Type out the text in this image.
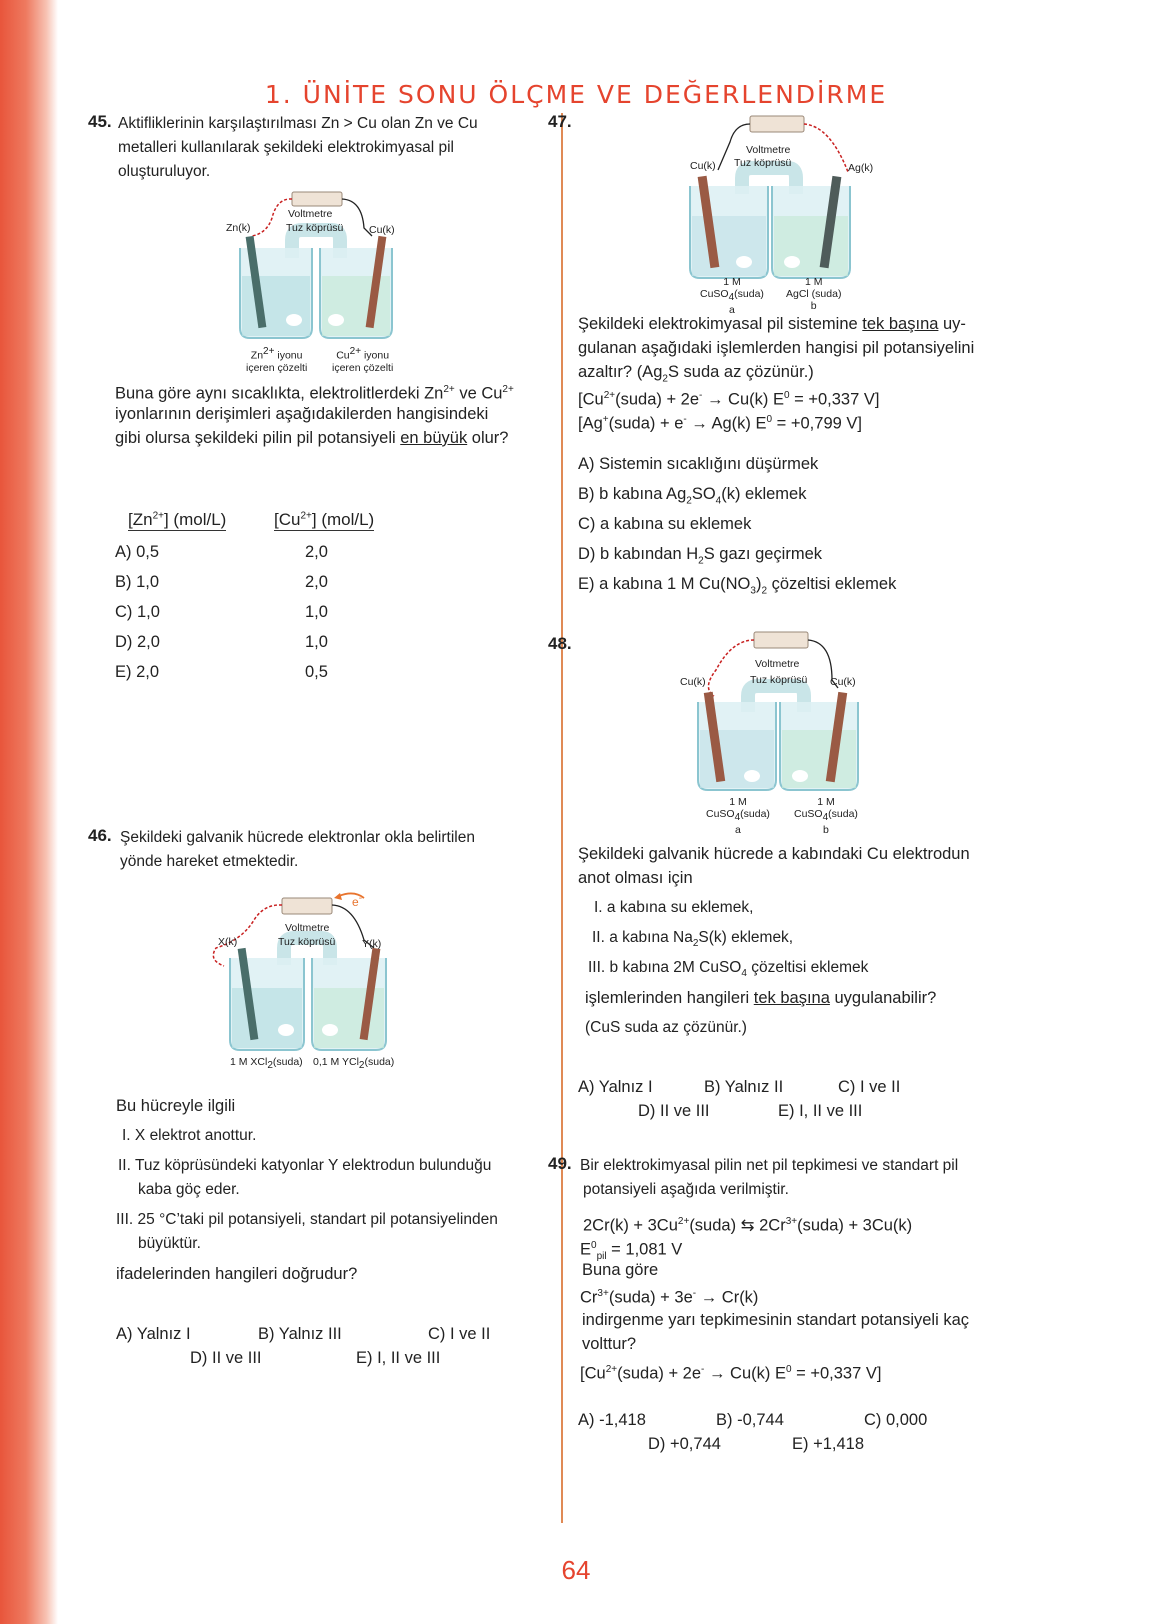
1. ÜNİTE SONU ÖLÇME VE DEĞERLENDİRME
45. Aktifliklerinin karşılaştırılması Zn > Cu olan Zn ve Cu
metalleri kullanılarak şekildeki elektrokimyasal pil
oluşturuluyor.
Voltmetre
Tuz köprüsü
Zn(k)	Cu(k)
$Zn^{2+}$ iyonu
içeren çözelti
$Cu^{2+}$ iyonu
içeren çözelti
Buna göre aynı sıcaklıkta, elektrolitlerdeki $Zn^{2+}$ ve $Cu^{2+}$
iyonlarının derişimleri aşağıdakilerden hangisindeki
gibi olursa şekildeki pilin pil potansiyeli en büyük olur?
$[Zn^{2+}]$ (mol/L)	$[Cu^{2+}]$ (mol/L)
A) 0,5	2,0
B) 1,0	2,0
C) 1,0	1,0
D) 2,0	1,0
E) 2,0	0,5
46. Şekildeki galvanik hücrede elektronlar okla belirtilen
yönde hareket etmektedir.
Voltmetre
Tuz köprüsü
X(k)	Y(k)
e-
1 M XCl$_2$(suda) 0,1 M YCl$_2$(suda)
Bu hücreyle ilgili
I. X elektrot anottur.
II. Tuz köprüsündeki katyonlar Y elektrodun bulunduğu
kaba göç eder.
III. 25 °C’taki pil potansiyeli, standart pil potansiyelinden
büyüktür.
ifadelerinden hangileri doğrudur?
A) Yalnız I	B) Yalnız III	C) I ve II
D) II ve III	E) I, II ve III
47.
Voltmetre
Tuz köprüsü
Cu(k)	Ag(k)
1 M
CuSO$_4$(suda)
a
1 M
AgCl (suda)
b
Şekildeki elektrokimyasal pil sistemine tek başına uy-
gulanan aşağıdaki işlemlerden hangisi pil potansiyelini
azaltır? ($Ag_2S$ suda az çözünür.)
[$Cu^{2+}(suda) + 2e^- \to Cu(k) E^0 = +0,337$ V]
[Ag+(suda) + e- → Ag(k) $E^0 = +0,799$ V]
A) Sistemin sıcaklığını düşürmek
B) b kabına $Ag_2SO_4(k)$ eklemek
C) a kabına su eklemek
D) b kabından $H_2S$ gazı geçirmek
E) a kabına 1 M $Cu(NO_3)_2$ çözeltisi eklemek
48.
Voltmetre
Tuz köprüsü
Cu(k)	Cu(k)
1 M
CuSO$_4$(suda)
a
1 M
CuSO$_4$(suda)
b
Şekildeki galvanik hücrede a kabındaki Cu elektrodun
anot olması için
I. a kabına su eklemek,
II. a kabına $Na_2S(k)$ eklemek,
III. b kabına 2M CuSO$_4$ çözeltisi eklemek
işlemlerinden hangileri tek başına uygulanabilir?
(CuS suda az çözünür.)
A) Yalnız I	B) Yalnız II	C) I ve II
D) II ve III	E) I, II ve III
49. Bir elektrokimyasal pilin net pil tepkimesi ve standart pil
potansiyeli aşağıda verilmiştir.
$2Cr(k) + 3Cu^{2+}(suda)$ ⇆ $2Cr^{3+}(suda) + 3Cu(k)$
$E^0_{pil} = 1,081$ V
Buna göre
$Cr^{3+}(suda) + 3e^- \to Cr(k)$
indirgenme yarı tepkimesinin standart potansiyeli kaç
volttur?
[$Cu^{2+}(suda) + 2e^- \to Cu(k) E^0 = +0,337$ V]
A) -1,418	B) -0,744	C) 0,000
D) +0,744	E) +1,418
64
